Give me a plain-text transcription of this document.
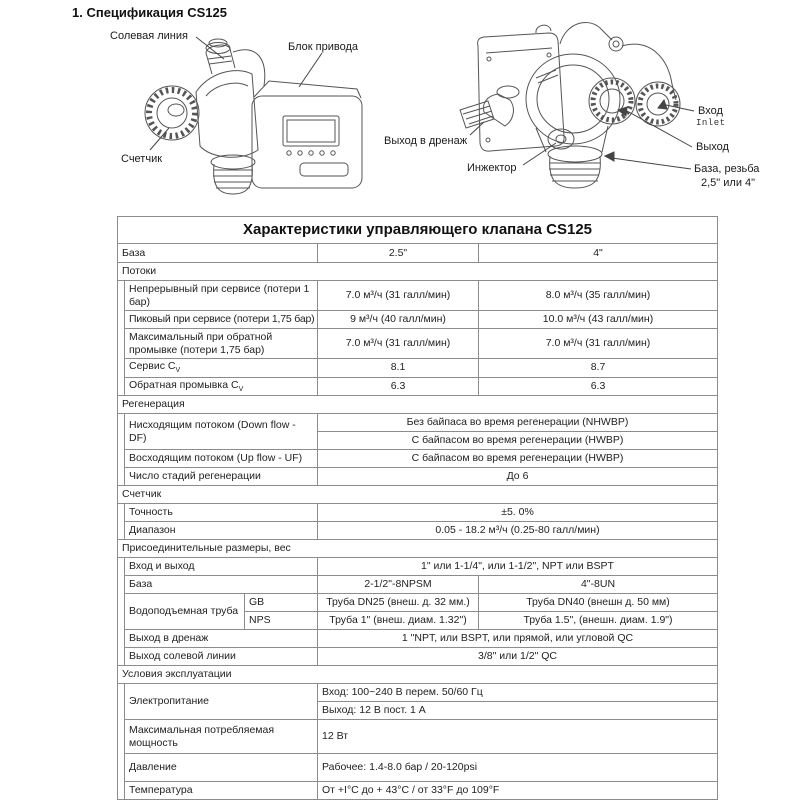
1. Спецификация CS125
Солевая линия
Блок привода
Счетчик
Выход в дренаж
Вход
Inlet
Выход
Инжектор	База, резьба
2,5" или 4"
Характеристики управляющего клапана CS125				
База			2.5"	4"
Потоки				
	Непрерывный при сервисе (потери 1 бар)		7.0 м³/ч (31 галл/мин)	8.0 м³/ч (35 галл/мин)
	Пиковый при сервисе (потери 1,75 бар)		9 м³/ч (40 галл/мин)	10.0 м³/ч (43 галл/мин)
	Максимальный при обратной промывке (потери 1,75 бар)		7.0 м³/ч (31 галл/мин)	7.0 м³/ч (31 галл/мин)
	Сервис $C_V$		8.1	8.7
	Обратная промывка $C_V$		6.3	6.3
Регенерация				
	Нисходящим потоком (Down flow - DF)		Без байпаса во время регенерации (NHWBP)	
			С байпасом во время регенерации (HWBP)	
	Восходящим потоком (Up flow - UF)		С байпасом во время регенерации (HWBP)	
	Число стадий регенерации		До 6	
Счетчик				
	Точность		±5. 0%	
	Диапазон		0.05 - 18.2 м³/ч (0.25-80 галл/мин)	
Присоединительные размеры, вес				
	Вход и выход		1" или 1-1/4", или 1-1/2", NPT или BSPT	
	База		2-1/2"-8NPSM	4"-8UN
	Водоподъемная труба	GB	Труба DN25 (внеш. д. 32 мм.)	Труба DN40 (внешн д. 50 мм)
		NPS	Труба 1" (внеш. диам. 1.32")	Труба 1.5", (внешн. диам. 1.9")
	Выход в дренаж		1 "NPT, или BSPT, или прямой, или угловой QC	
	Выход солевой линии		3/8" или 1/2" QC	
Условия эксплуатации				
	Электропитание		Вход: 100~240 В перем. 50/60 Гц	
			Выход: 12 В пост. 1 А	
	Максимальная потребляемая мощность		12 Вт	
	Давление		Рабочее: 1.4-8.0 бар / 20-120psi	
	Температура		От +I°C до + 43°C / от 33°F до 109°F	
